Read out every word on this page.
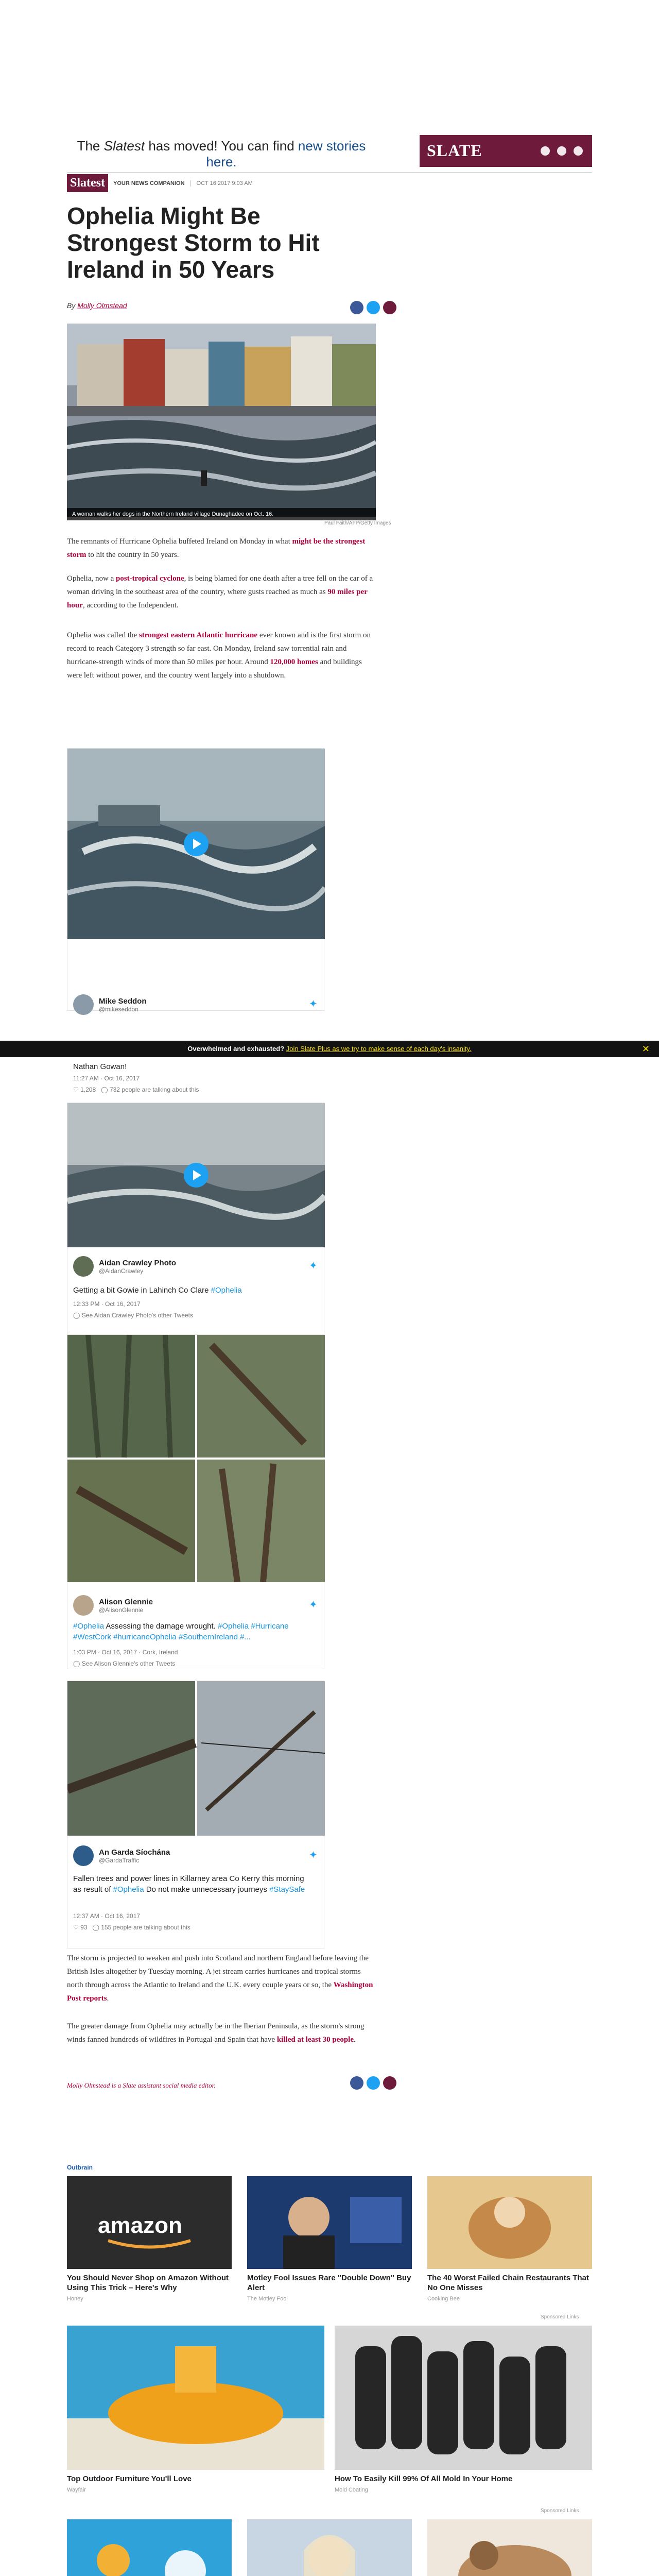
The Slatest has moved! You can find new stories here.
SLATE
Slatest	YOUR NEWS COMPANION	OCT 16 2017 9:03 AM
Ophelia Might Be Strongest Storm to Hit Ireland in 50 Years
By Molly Olmstead
A woman walks her dogs in the Northern Ireland village Dunaghadee on Oct. 16.
Paul Faith/AFP/Getty Images

The remnants of Hurricane Ophelia buffeted Ireland on Monday in what might be the strongest storm to hit the country in 50 years.

Ophelia, now a post-tropical cyclone, is being blamed for one death after a tree fell on the car of a woman driving in the southeast area of the country, where gusts reached as much as 90 miles per hour, according to the Independent.

Ophelia was called the strongest eastern Atlantic hurricane ever known and is the first storm on record to reach Category 3 strength so far east. On Monday, Ireland saw torrential rain and hurricane-strength winds of more than 50 miles per hour. Around 120,000 homes and buildings were left without power, and the country went largely into a shutdown.

Mike Seddon
@mikeseddon	✦
Overwhelmed and exhausted? Join Slate Plus as we try to make sense of each day's insanity.	✕
Nathan Gowan!
11:27 AM · Oct 16, 2017
♡ 1,208 ◯ 732 people are talking about this
Aidan Crawley Photo
@AidanCrawley	✦
Getting a bit Gowie in Lahinch Co Clare #Ophelia
12:33 PM · Oct 16, 2017
◯ See Aidan Crawley Photo's other Tweets
Alison Glennie
@AlisonGlennie	✦
#Ophelia Assessing the damage wrought. #Ophelia #Hurricane #WestCork #hurricaneOphelia #SouthernIreland #...
1:03 PM · Oct 16, 2017 · Cork, Ireland
◯ See Alison Glennie's other Tweets
An Garda Síochána
@GardaTraffic	✦
Fallen trees and power lines in Killarney area Co Kerry this morning as result of #Ophelia Do not make unnecessary journeys #StaySafe
12:37 AM · Oct 16, 2017
♡ 93 ◯ 155 people are talking about this

The storm is projected to weaken and push into Scotland and northern England before leaving the British Isles altogether by Tuesday morning. A jet stream carries hurricanes and tropical storms north through across the Atlantic to Ireland and the U.K. every couple years or so, the Washington Post reports.

The greater damage from Ophelia may actually be in the Iberian Peninsula, as the storm's strong winds fanned hundreds of wildfires in Portugal and Spain that have killed at least 30 people.

Molly Olmstead is a Slate assistant social media editor.
Outbrain
amazon
You Should Never Shop on Amazon Without Using This Trick – Here's Why
Honey
Motley Fool Issues Rare "Double Down" Buy Alert
The Motley Fool
The 40 Worst Failed Chain Restaurants That No One Misses
Cooking Bee
Sponsored Links
Top Outdoor Furniture You'll Love
Wayfair
How To Easily Kill 99% Of All Mold In Your Home
Mold Coating
Sponsored Links
